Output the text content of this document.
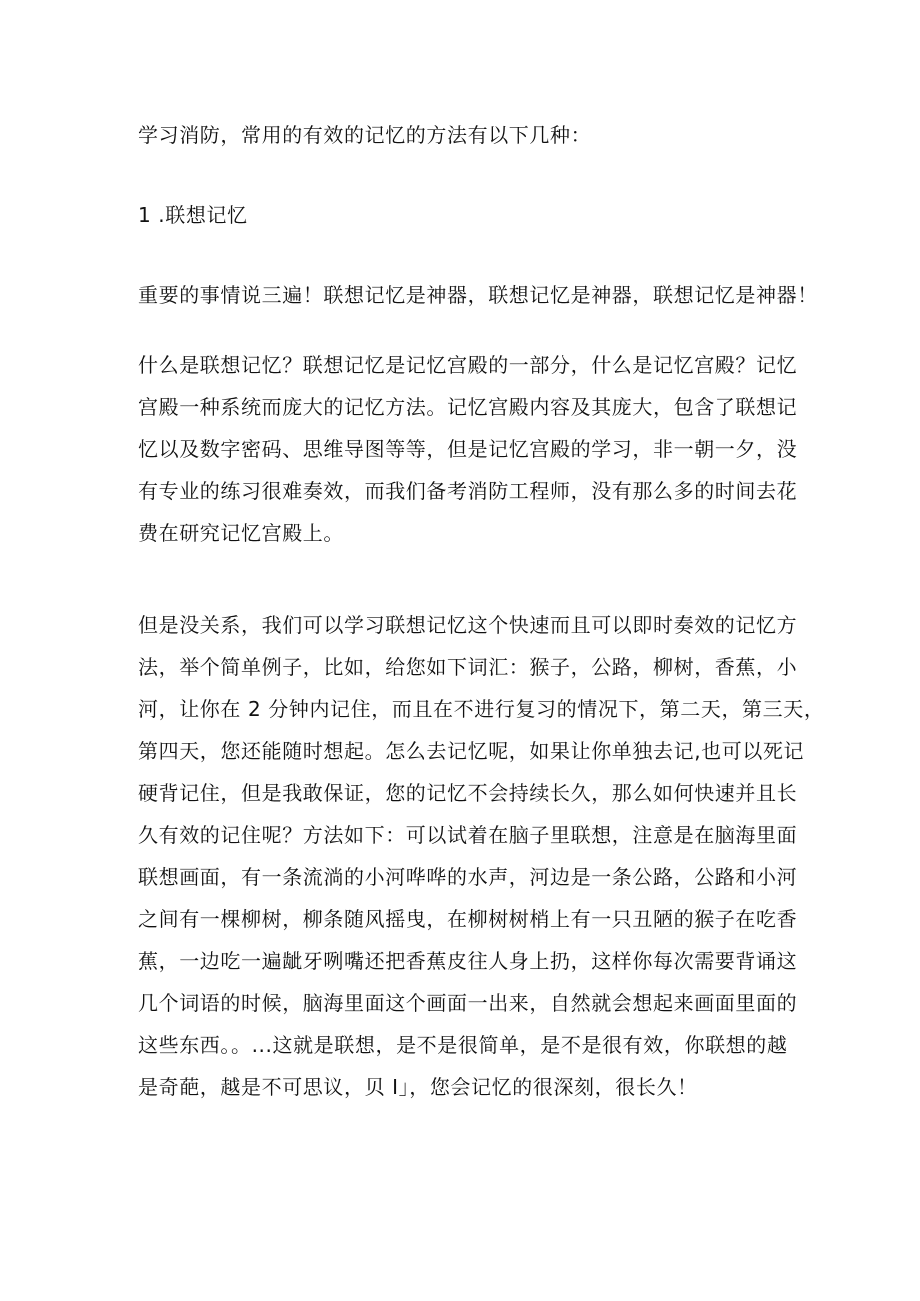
学习消防，常用的有效的记忆的方法有以下几种：
1 .联想记忆
重要的事情说三遍！联想记忆是神器，联想记忆是神器，联想记忆是神器！
什么是联想记忆？联想记忆是记忆宫殿的一部分，什么是记忆宫殿？记忆
宫殿一种系统而庞大的记忆方法。记忆宫殿内容及其庞大，包含了联想记
忆以及数字密码、思维导图等等，但是记忆宫殿的学习，非一朝一夕，没
有专业的练习很难奏效，而我们备考消防工程师，没有那么多的时间去花
费在研究记忆宫殿上。
但是没关系，我们可以学习联想记忆这个快速而且可以即时奏效的记忆方
法，举个简单例子，比如，给您如下词汇：猴子，公路，柳树，香蕉，小
河，让你在 2 分钟内记住，而且在不进行复习的情况下，第二天，第三天，
第四天，您还能随时想起。怎么去记忆呢，如果让你单独去记,也可以死记
硬背记住，但是我敢保证，您的记忆不会持续长久，那么如何快速并且长
久有效的记住呢？方法如下：可以试着在脑子里联想，注意是在脑海里面
联想画面，有一条流淌的小河哗哗的水声，河边是一条公路，公路和小河
之间有一棵柳树，柳条随风摇曳，在柳树树梢上有一只丑陋的猴子在吃香
蕉，一边吃一遍龇牙咧嘴还把香蕉皮往人身上扔，这样你每次需要背诵这
几个词语的时候，脑海里面这个画面一出来，自然就会想起来画面里面的
这些东西。。...这就是联想，是不是很简单，是不是很有效，你联想的越
是奇葩，越是不可思议，贝 I」，您会记忆的很深刻，很长久！
